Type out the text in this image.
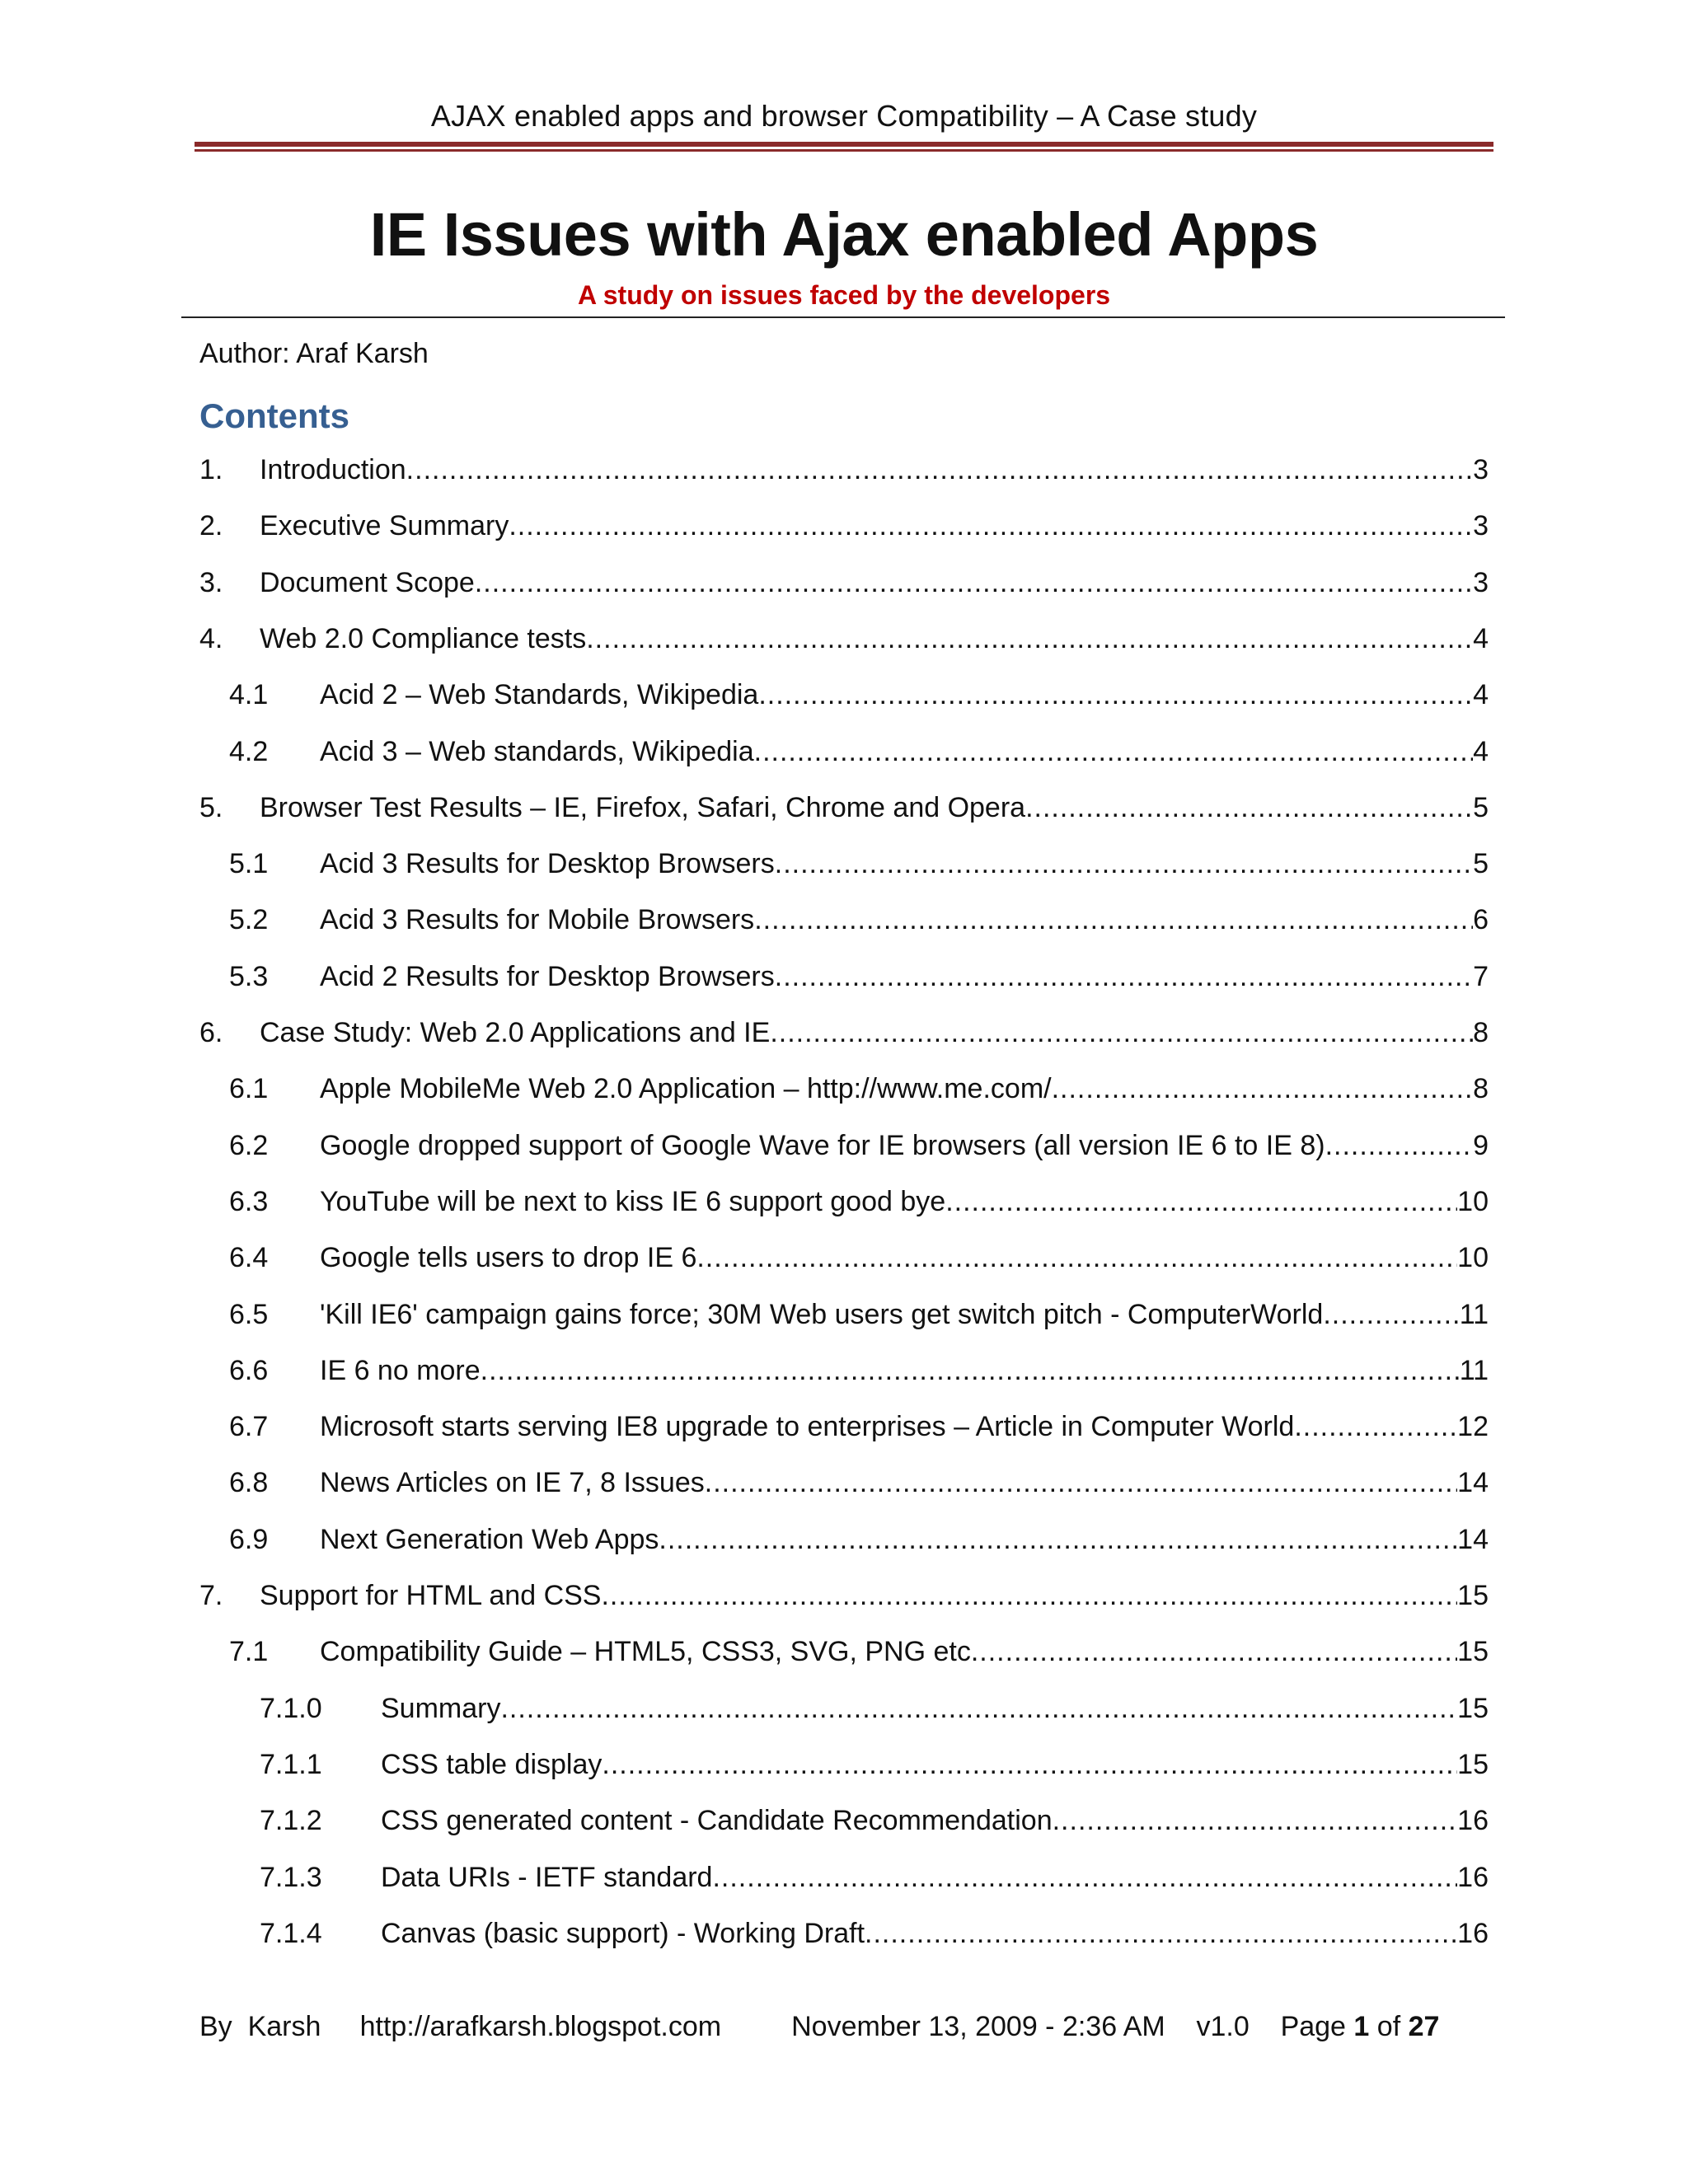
AJAX enabled apps and browser Compatibility – A Case study
IE Issues with Ajax enabled Apps
A study on issues faced by the developers
Author: Araf Karsh
Contents
1.	Introduction .....	3
2.	Executive Summary .....	3
3.	Document Scope .....	3
4.	Web 2.0 Compliance tests .....	4
4.1	Acid 2 – Web Standards, Wikipedia .....	4
4.2	Acid 3 – Web standards, Wikipedia .....	4
5.	Browser Test Results – IE, Firefox, Safari, Chrome and Opera .....	5
5.1	Acid 3 Results for Desktop Browsers .....	5
5.2	Acid 3 Results for Mobile Browsers .....	6
5.3	Acid 2 Results for Desktop Browsers .....	7
6.	Case Study: Web 2.0 Applications and IE .....	8
6.1	Apple MobileMe Web 2.0 Application – http://www.me.com/ .....	8
6.2	Google dropped support of Google Wave for IE browsers (all version IE 6 to IE 8) .....	9
6.3	YouTube will be next to kiss IE 6 support good bye .....	10
6.4	Google tells users to drop IE 6 .....	10
6.5	'Kill IE6' campaign gains force; 30M Web users get switch pitch - ComputerWorld .....	11
6.6	IE 6 no more .....	11
6.7	Microsoft starts serving IE8 upgrade to enterprises – Article in Computer World .....	12
6.8	News Articles on IE 7, 8 Issues .....	14
6.9	Next Generation Web Apps .....	14
7.	Support for HTML and CSS .....	15
7.1	Compatibility Guide – HTML5, CSS3, SVG, PNG etc .....	15
7.1.0	Summary .....	15
7.1.1	CSS table display .....	15
7.1.2	CSS generated content - Candidate Recommendation .....	16
7.1.3	Data URIs - IETF standard .....	16
7.1.4	Canvas (basic support) - Working Draft .....	16
By  Karsh http://arafkarsh.blogspot.com	November 13, 2009 - 2:36 AM v1.0 Page 1 of 27
